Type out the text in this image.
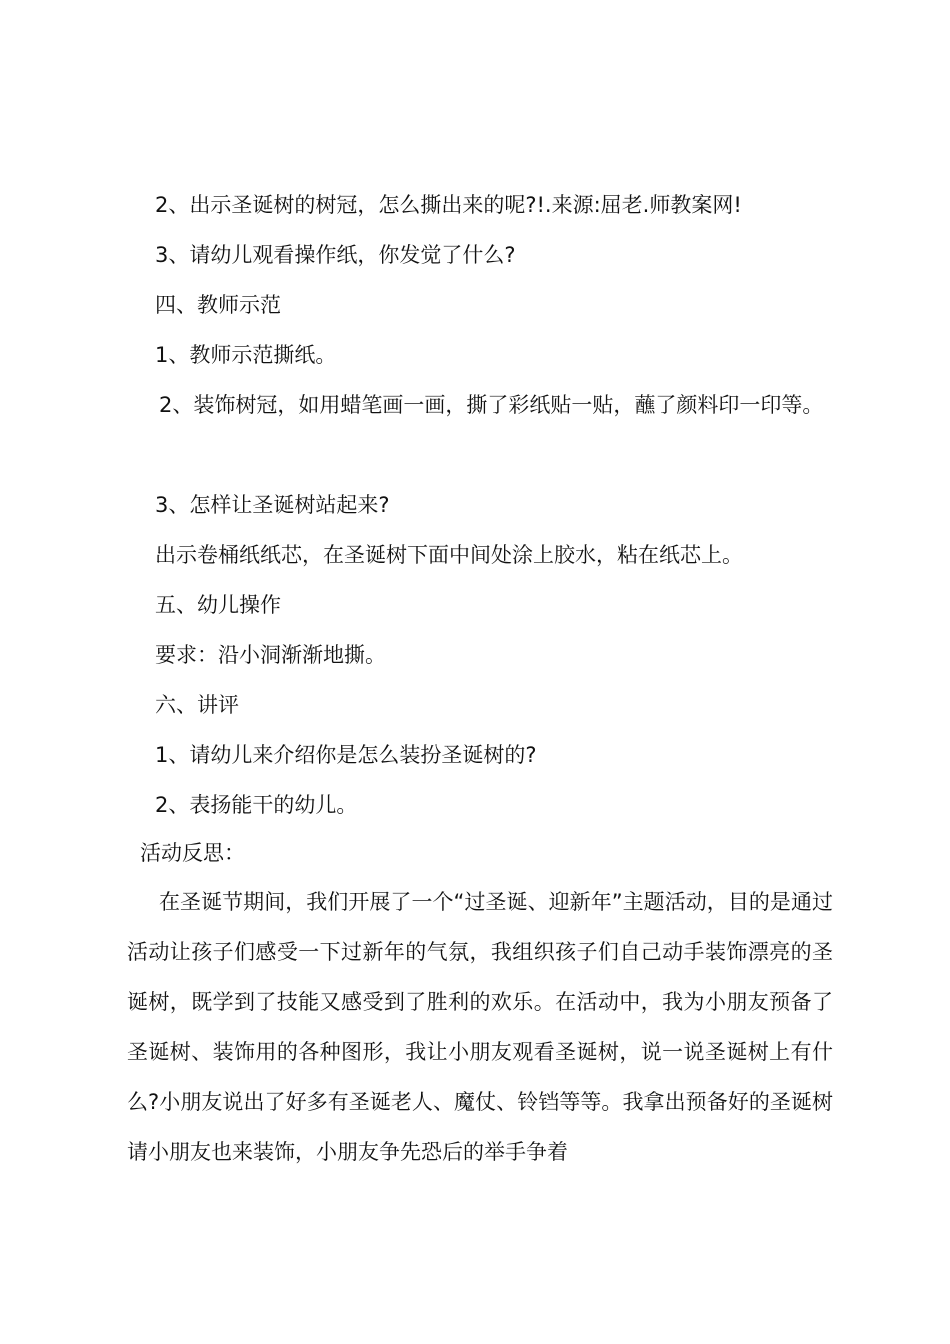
2、出示圣诞树的树冠，怎么撕出来的呢?!.来源:屈老.师教案网!
3、请幼儿观看操作纸，你发觉了什么?
四、教师示范
1、教师示范撕纸。
2、装饰树冠，如用蜡笔画一画，撕了彩纸贴一贴，蘸了颜料印一印等。
3、怎样让圣诞树站起来?
出示卷桶纸纸芯，在圣诞树下面中间处涂上胶水，粘在纸芯上。
五、幼儿操作
要求：沿小洞渐渐地撕。
六、讲评
1、请幼儿来介绍你是怎么装扮圣诞树的?
2、表扬能干的幼儿。
活动反思：
在圣诞节期间，我们开展了一个“过圣诞、迎新年”主题活动，目的是通过活动让孩子们感受一下过新年的气氛，我组织孩子们自己动手装饰漂亮的圣诞树，既学到了技能又感受到了胜利的欢乐。在活动中，我为小朋友预备了圣诞树、装饰用的各种图形，我让小朋友观看圣诞树，说一说圣诞树上有什么?小朋友说出了好多有圣诞老人、魔仗、铃铛等等。我拿出预备好的圣诞树请小朋友也来装饰，小朋友争先恐后的举手争着
